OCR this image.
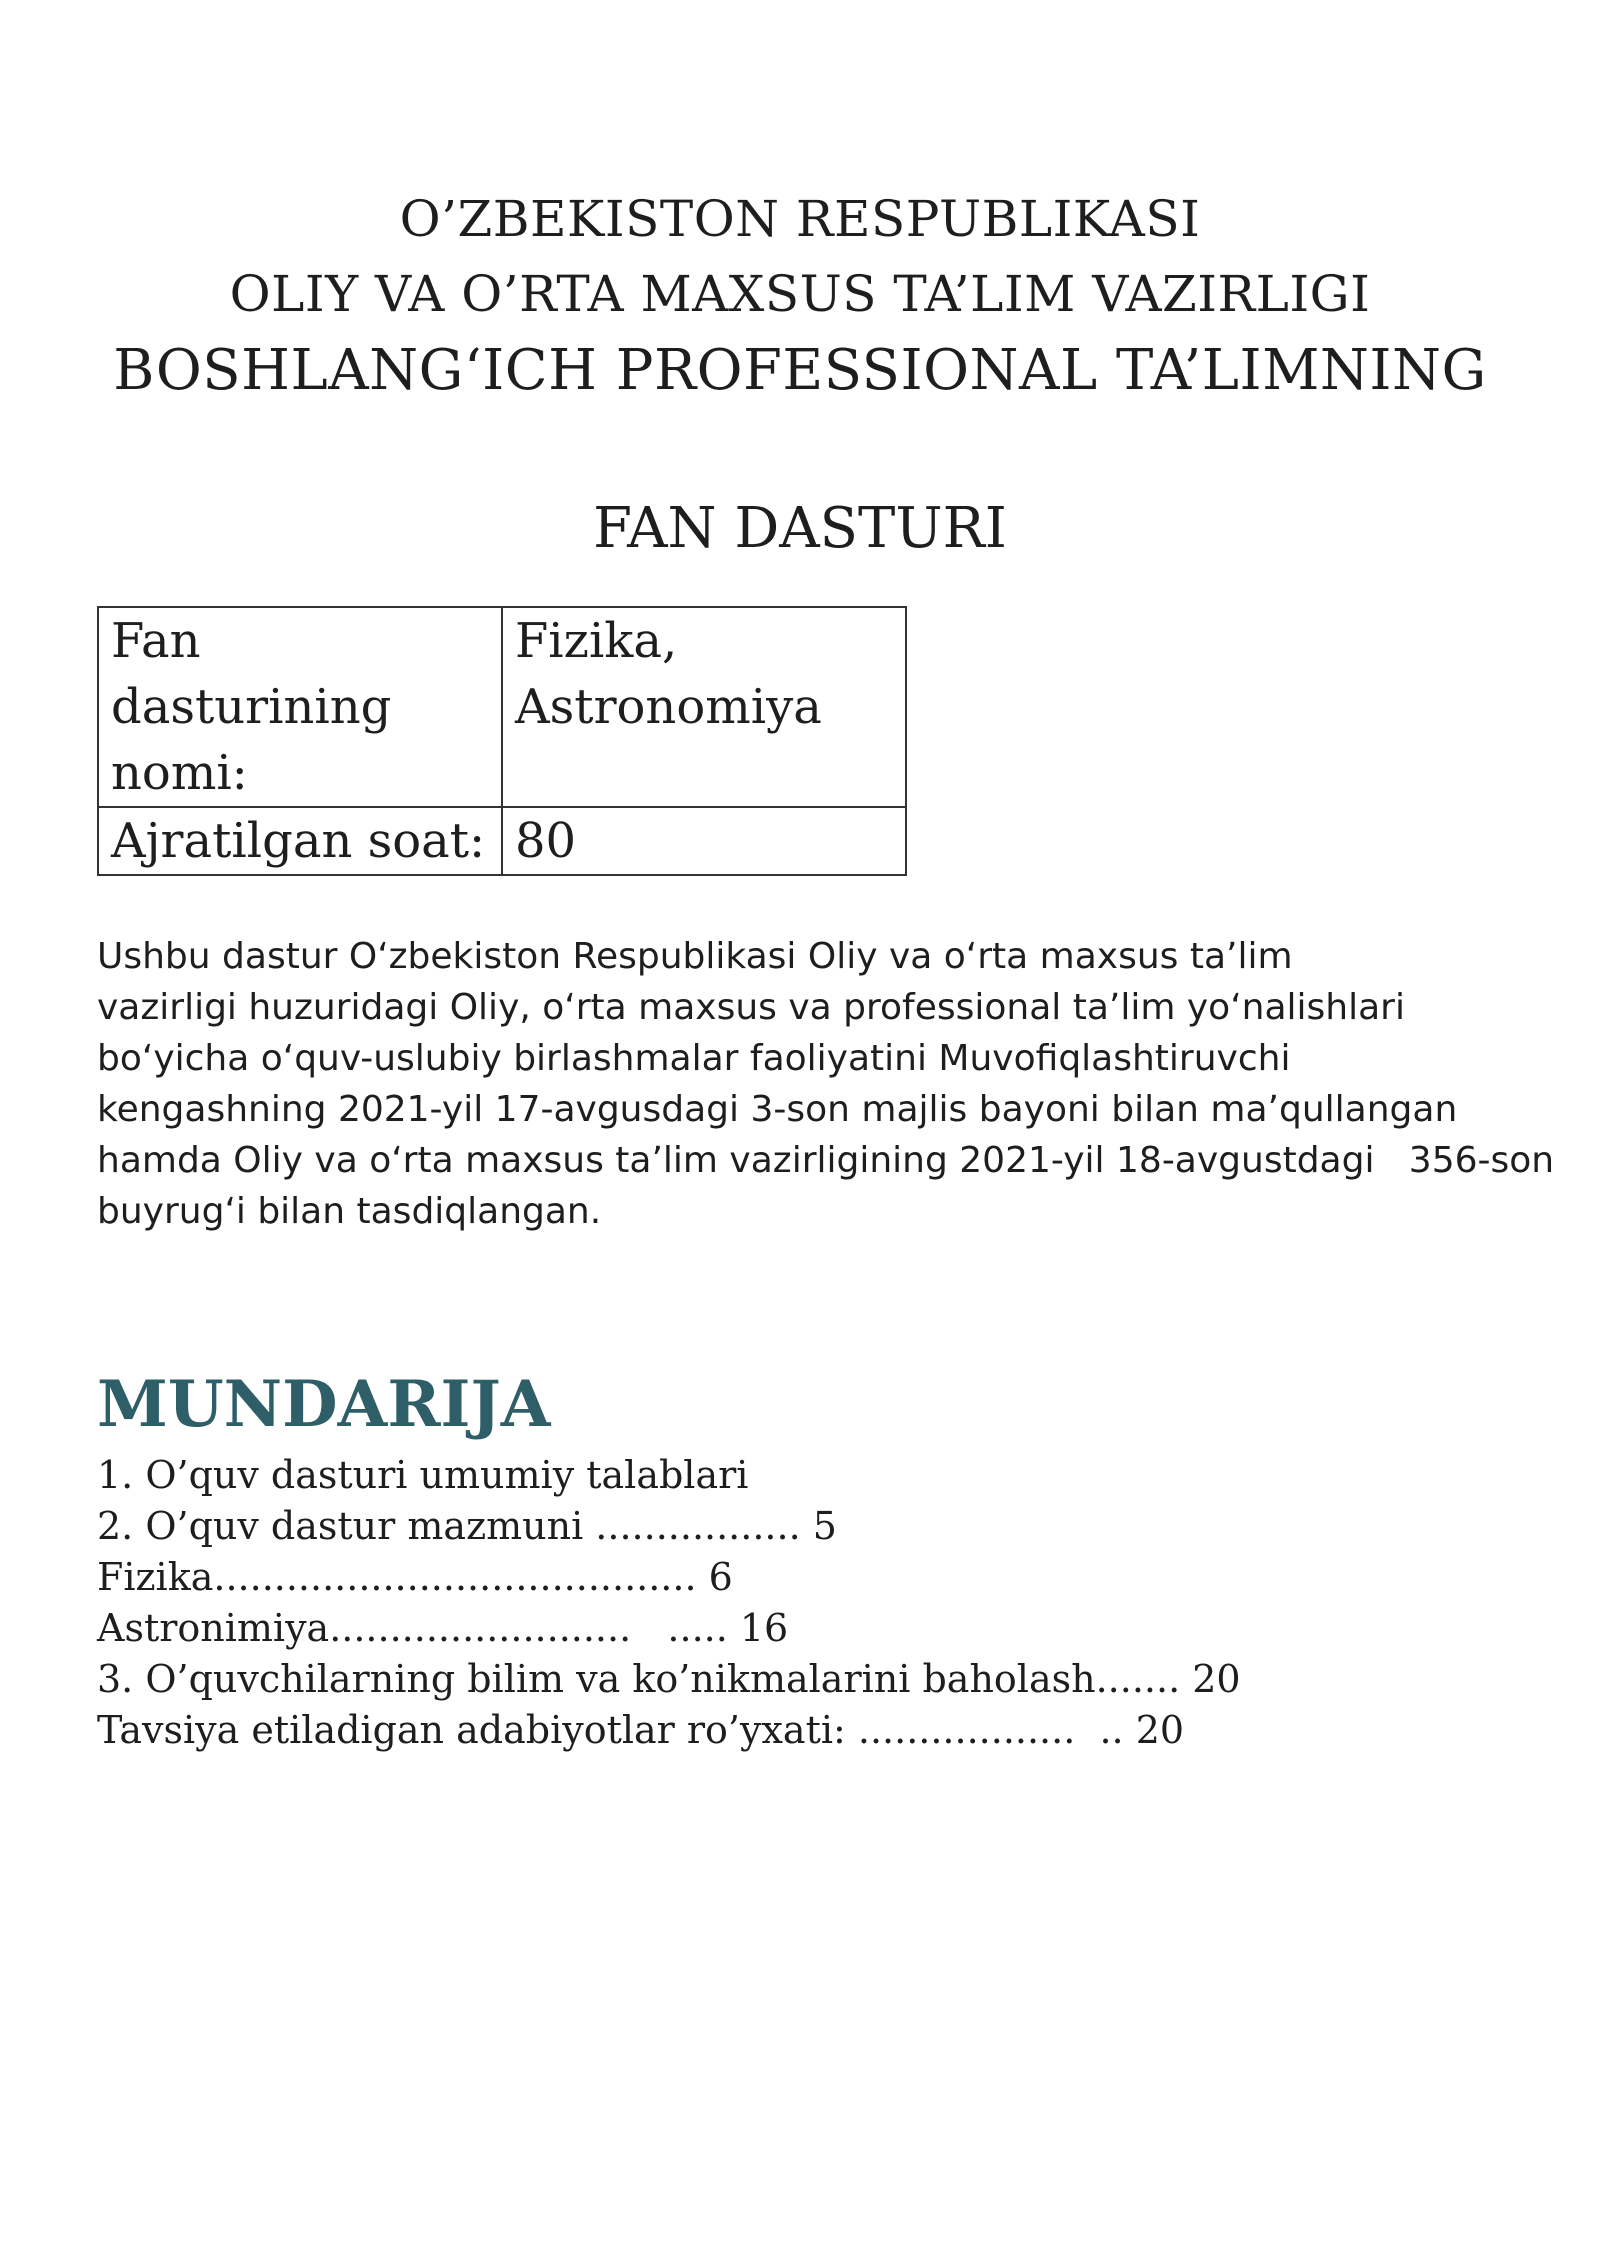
O’ZBEKISTON RESPUBLIKASI
OLIY VA O’RTA MAXSUS TA’LIM VAZIRLIGI
BOSHLANG‘ICH PROFESSIONAL TA’LIMNING
FAN DASTURI
Fan dasturining nomi:	Fizika, Astronomiya
Ajratilgan soat:	80
Ushbu dastur O‘zbekiston Respublikasi Oliy va o‘rta maxsus ta’lim
vazirligi huzuridagi Oliy, o‘rta maxsus va professional ta’lim yo‘nalishlari
bo‘yicha o‘quv-uslubiy birlashmalar faoliyatini Muvofiqlashtiruvchi
kengashning 2021-yil 17-avgusdagi 3-son majlis bayoni bilan ma’qullangan
hamda Oliy va o‘rta maxsus ta’lim vazirligining 2021-yil 18-avgustdagi   356-son
buyrug‘i bilan tasdiqlangan.
MUNDARIJA
1. O’quv dasturi umumiy talablari
2. O’quv dastur mazmuni ................. 5
Fizika........................................ 6
Astronimiya.........................   ..... 16
3. O’quvchilarning bilim va ko’nikmalarini baholash....... 20
Tavsiya etiladigan adabiyotlar ro’yxati: ..................  .. 20
